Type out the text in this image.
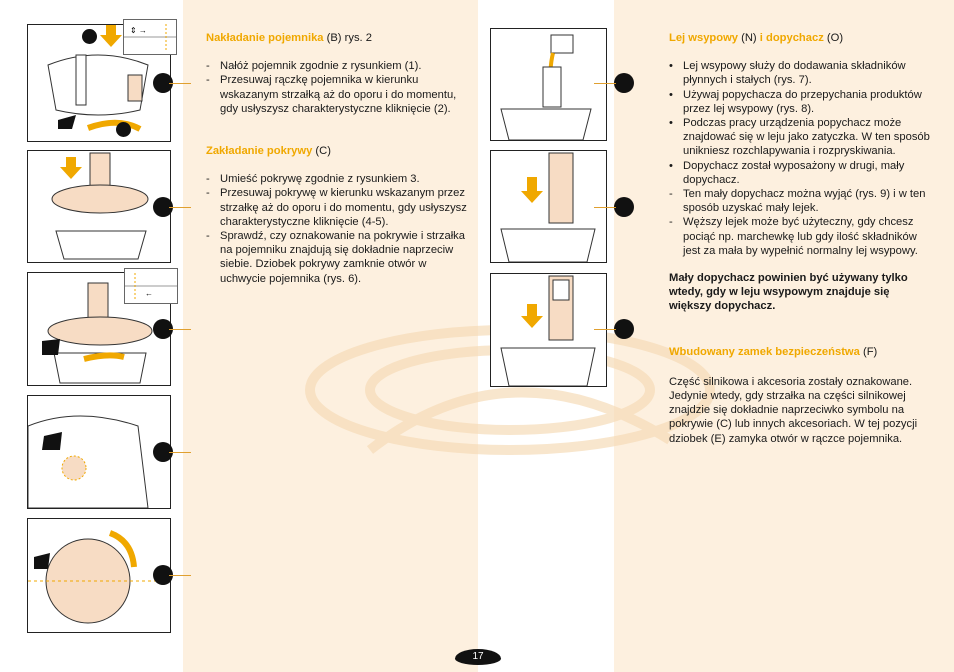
⇕ →
←
Nakładanie pojemnika (B) rys. 2
- Nałóż pojemnik zgodnie z rysunkiem (1).
- Przesuwaj rączkę pojemnika w kierunku wskazanym strzałką aż do oporu i do momentu, gdy usłyszysz charakterystyczne kliknięcie (2).
Zakładanie pokrywy (C)
- Umieść pokrywę zgodnie z rysunkiem 3.
- Przesuwaj pokrywę w kierunku wskazanym przez strzałkę aż do oporu i do momentu, gdy usłyszysz charakterystyczne kliknięcie (4-5).
- Sprawdź, czy oznakowanie na pokrywie i strzałka na pojemniku znajdują się dokładnie naprzeciw siebie. Dziobek pokrywy zamknie otwór w uchwycie pojemnika (rys. 6).
Lej wsypowy (N) i dopychacz (O)
• Lej wsypowy służy do dodawania składników płynnych i stałych (rys. 7).
• Używaj popychacza do przepychania produktów przez lej wsypowy (rys. 8).
• Podczas pracy urządzenia popychacz może znajdować się w leju jako zatyczka. W ten sposób unikniesz rozchlapywania i rozpryskiwania.
• Dopychacz został wyposażony w drugi, mały dopychacz.
- Ten mały dopychacz można wyjąć (rys. 9) i w ten sposób uzyskać mały lejek.
- Węższy lejek może być użyteczny, gdy chcesz pociąć np. marchewkę lub gdy ilość składników jest za mała by wypełnić normalny lej wsypowy.
Mały dopychacz powinien być używany tylko wtedy, gdy w leju wsypowym znajduje się większy dopychacz.
Wbudowany zamek bezpieczeństwa (F)
Część silnikowa i akcesoria zostały oznakowane. Jedynie wtedy, gdy strzałka na części silnikowej znajdzie się dokładnie naprzeciwko symbolu na pokrywie (C) lub innych akcesoriach. W tej pozycji dziobek (E) zamyka otwór w rączce pojemnika.
17
